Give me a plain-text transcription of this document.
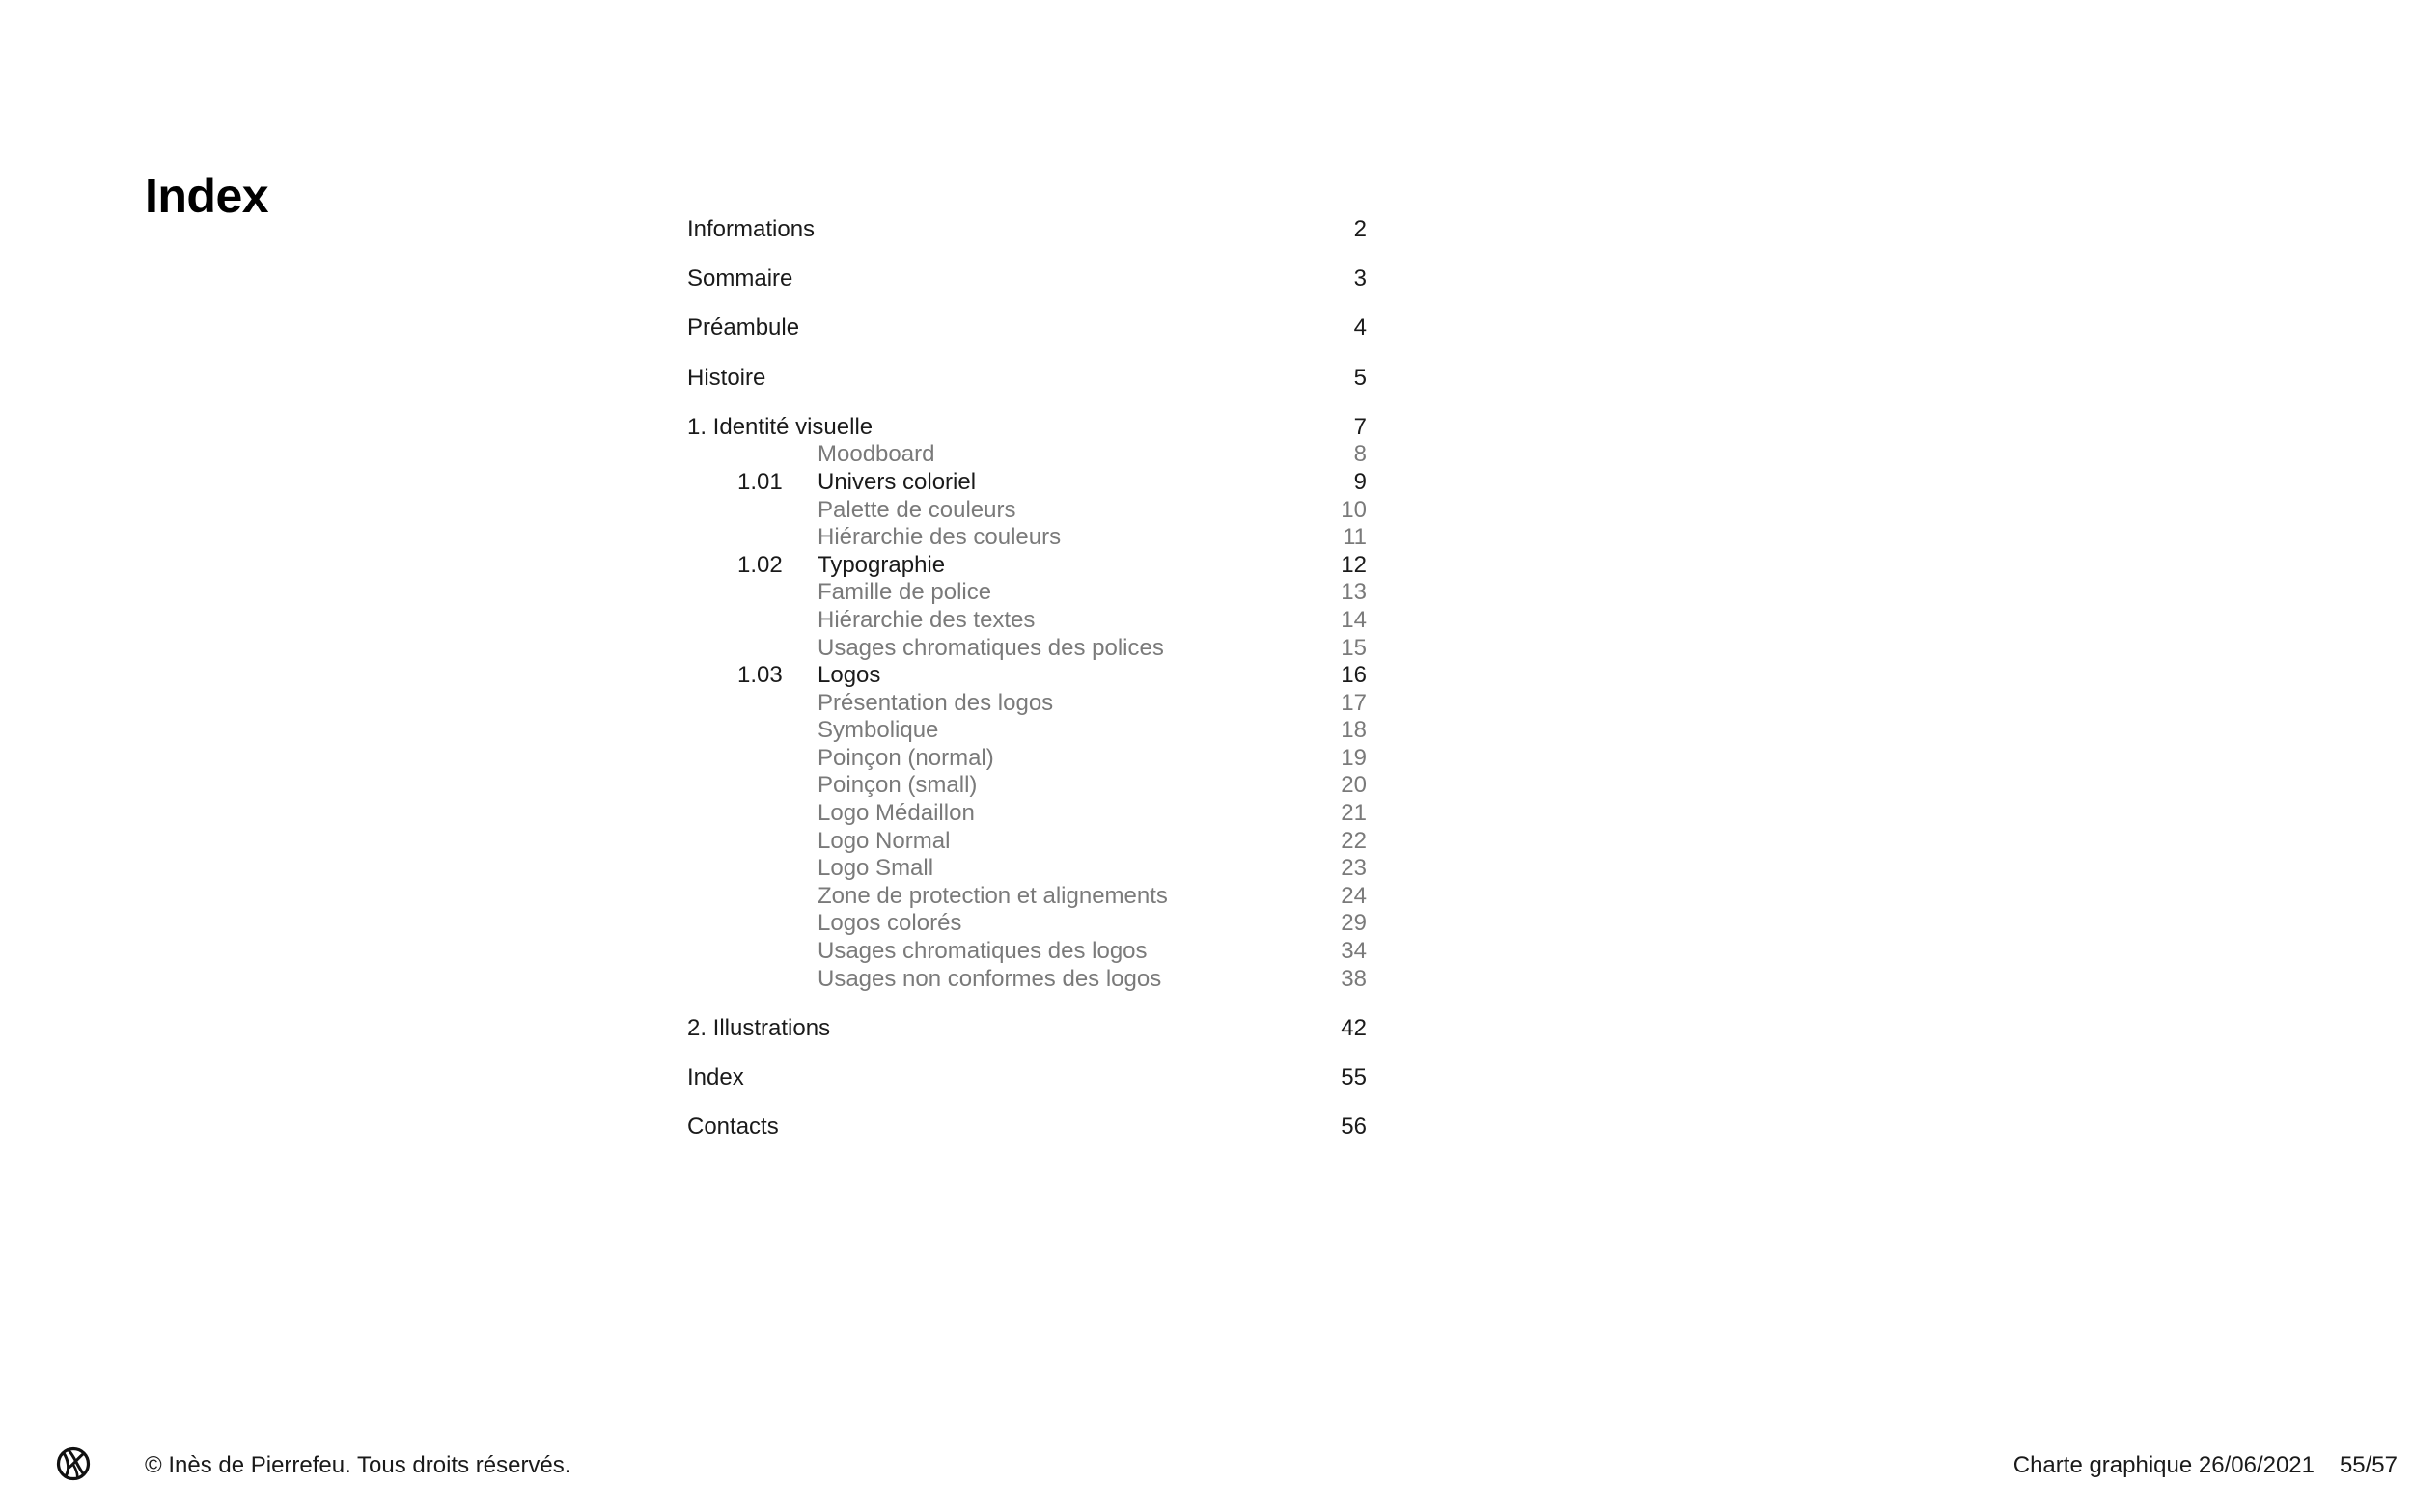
Index
Informations	2
Sommaire	3
Préambule	4
Histoire	5
1. Identité visuelle	7
Moodboard	8
1.01 Univers coloriel	9
Palette de couleurs	10
Hiérarchie des couleurs	11
1.02 Typographie	12
Famille de police	13
Hiérarchie des textes	14
Usages chromatiques des polices	15
1.03 Logos	16
Présentation des logos	17
Symbolique	18
Poinçon (normal)	19
Poinçon (small)	20
Logo Médaillon	21
Logo Normal	22
Logo Small	23
Zone de protection et alignements	24
Logos colorés	29
Usages chromatiques des logos	34
Usages non conformes des logos	38
2. Illustrations	42
Index	55
Contacts	56
© Inès de Pierrefeu. Tous droits réservés.	Charte graphique 26/06/2021 55/57
